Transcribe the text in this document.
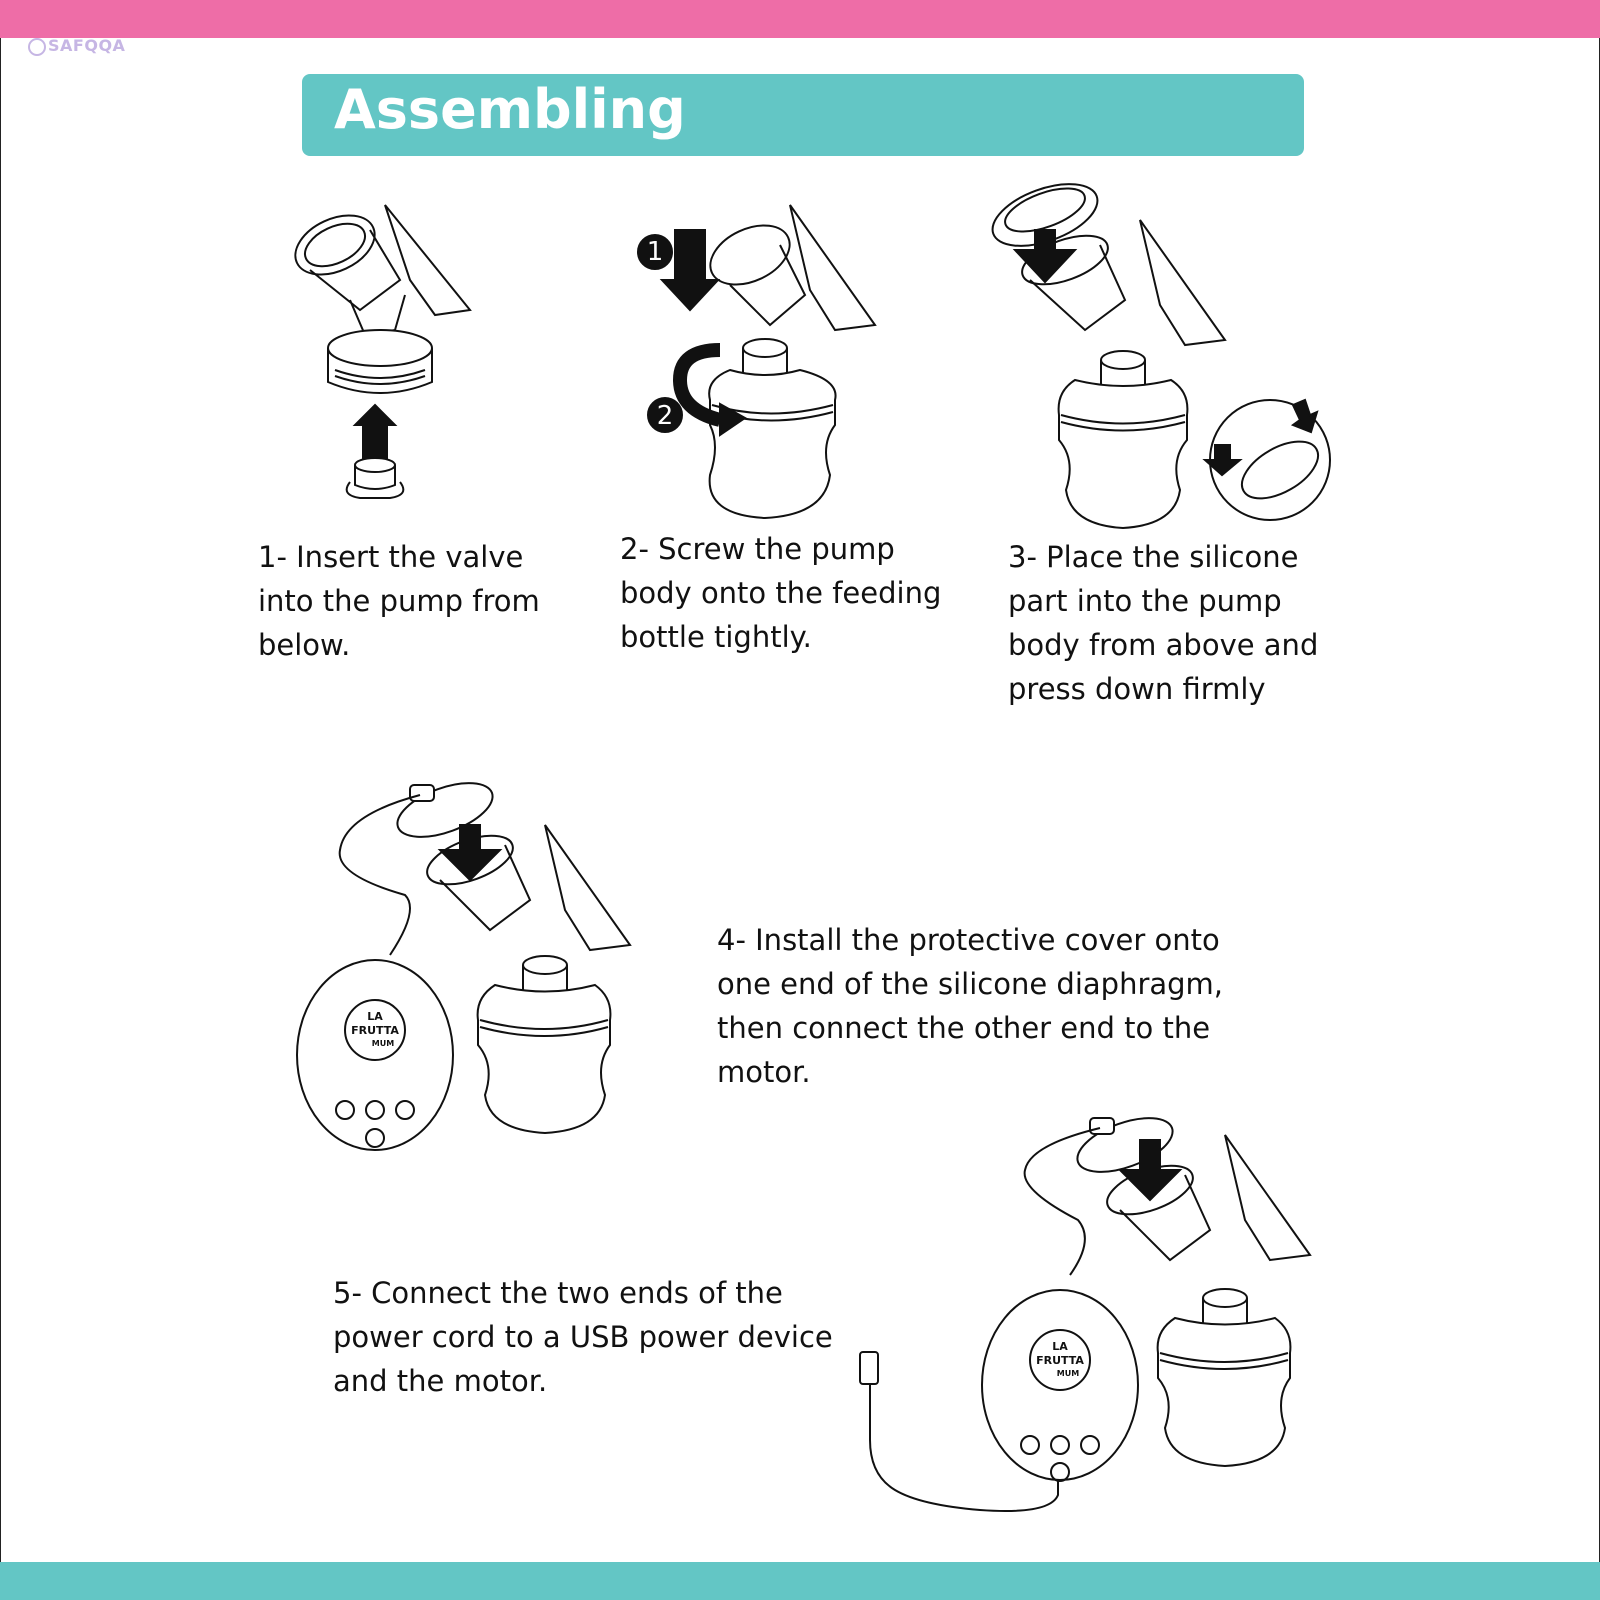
SAFQQA
Assembling
1
2
LA
FRUTTA
MUM
LA
FRUTTA
MUM
1- Insert the valve
into the pump from
below.
2- Screw the pump
body onto the feeding
bottle tightly.
3- Place the silicone
part into the pump
body from above and
press down firmly
4- Install the protective cover onto
one end of the silicone diaphragm,
then connect the other end to the
motor.
5- Connect the two ends of the
power cord to a USB power device
and the motor.
